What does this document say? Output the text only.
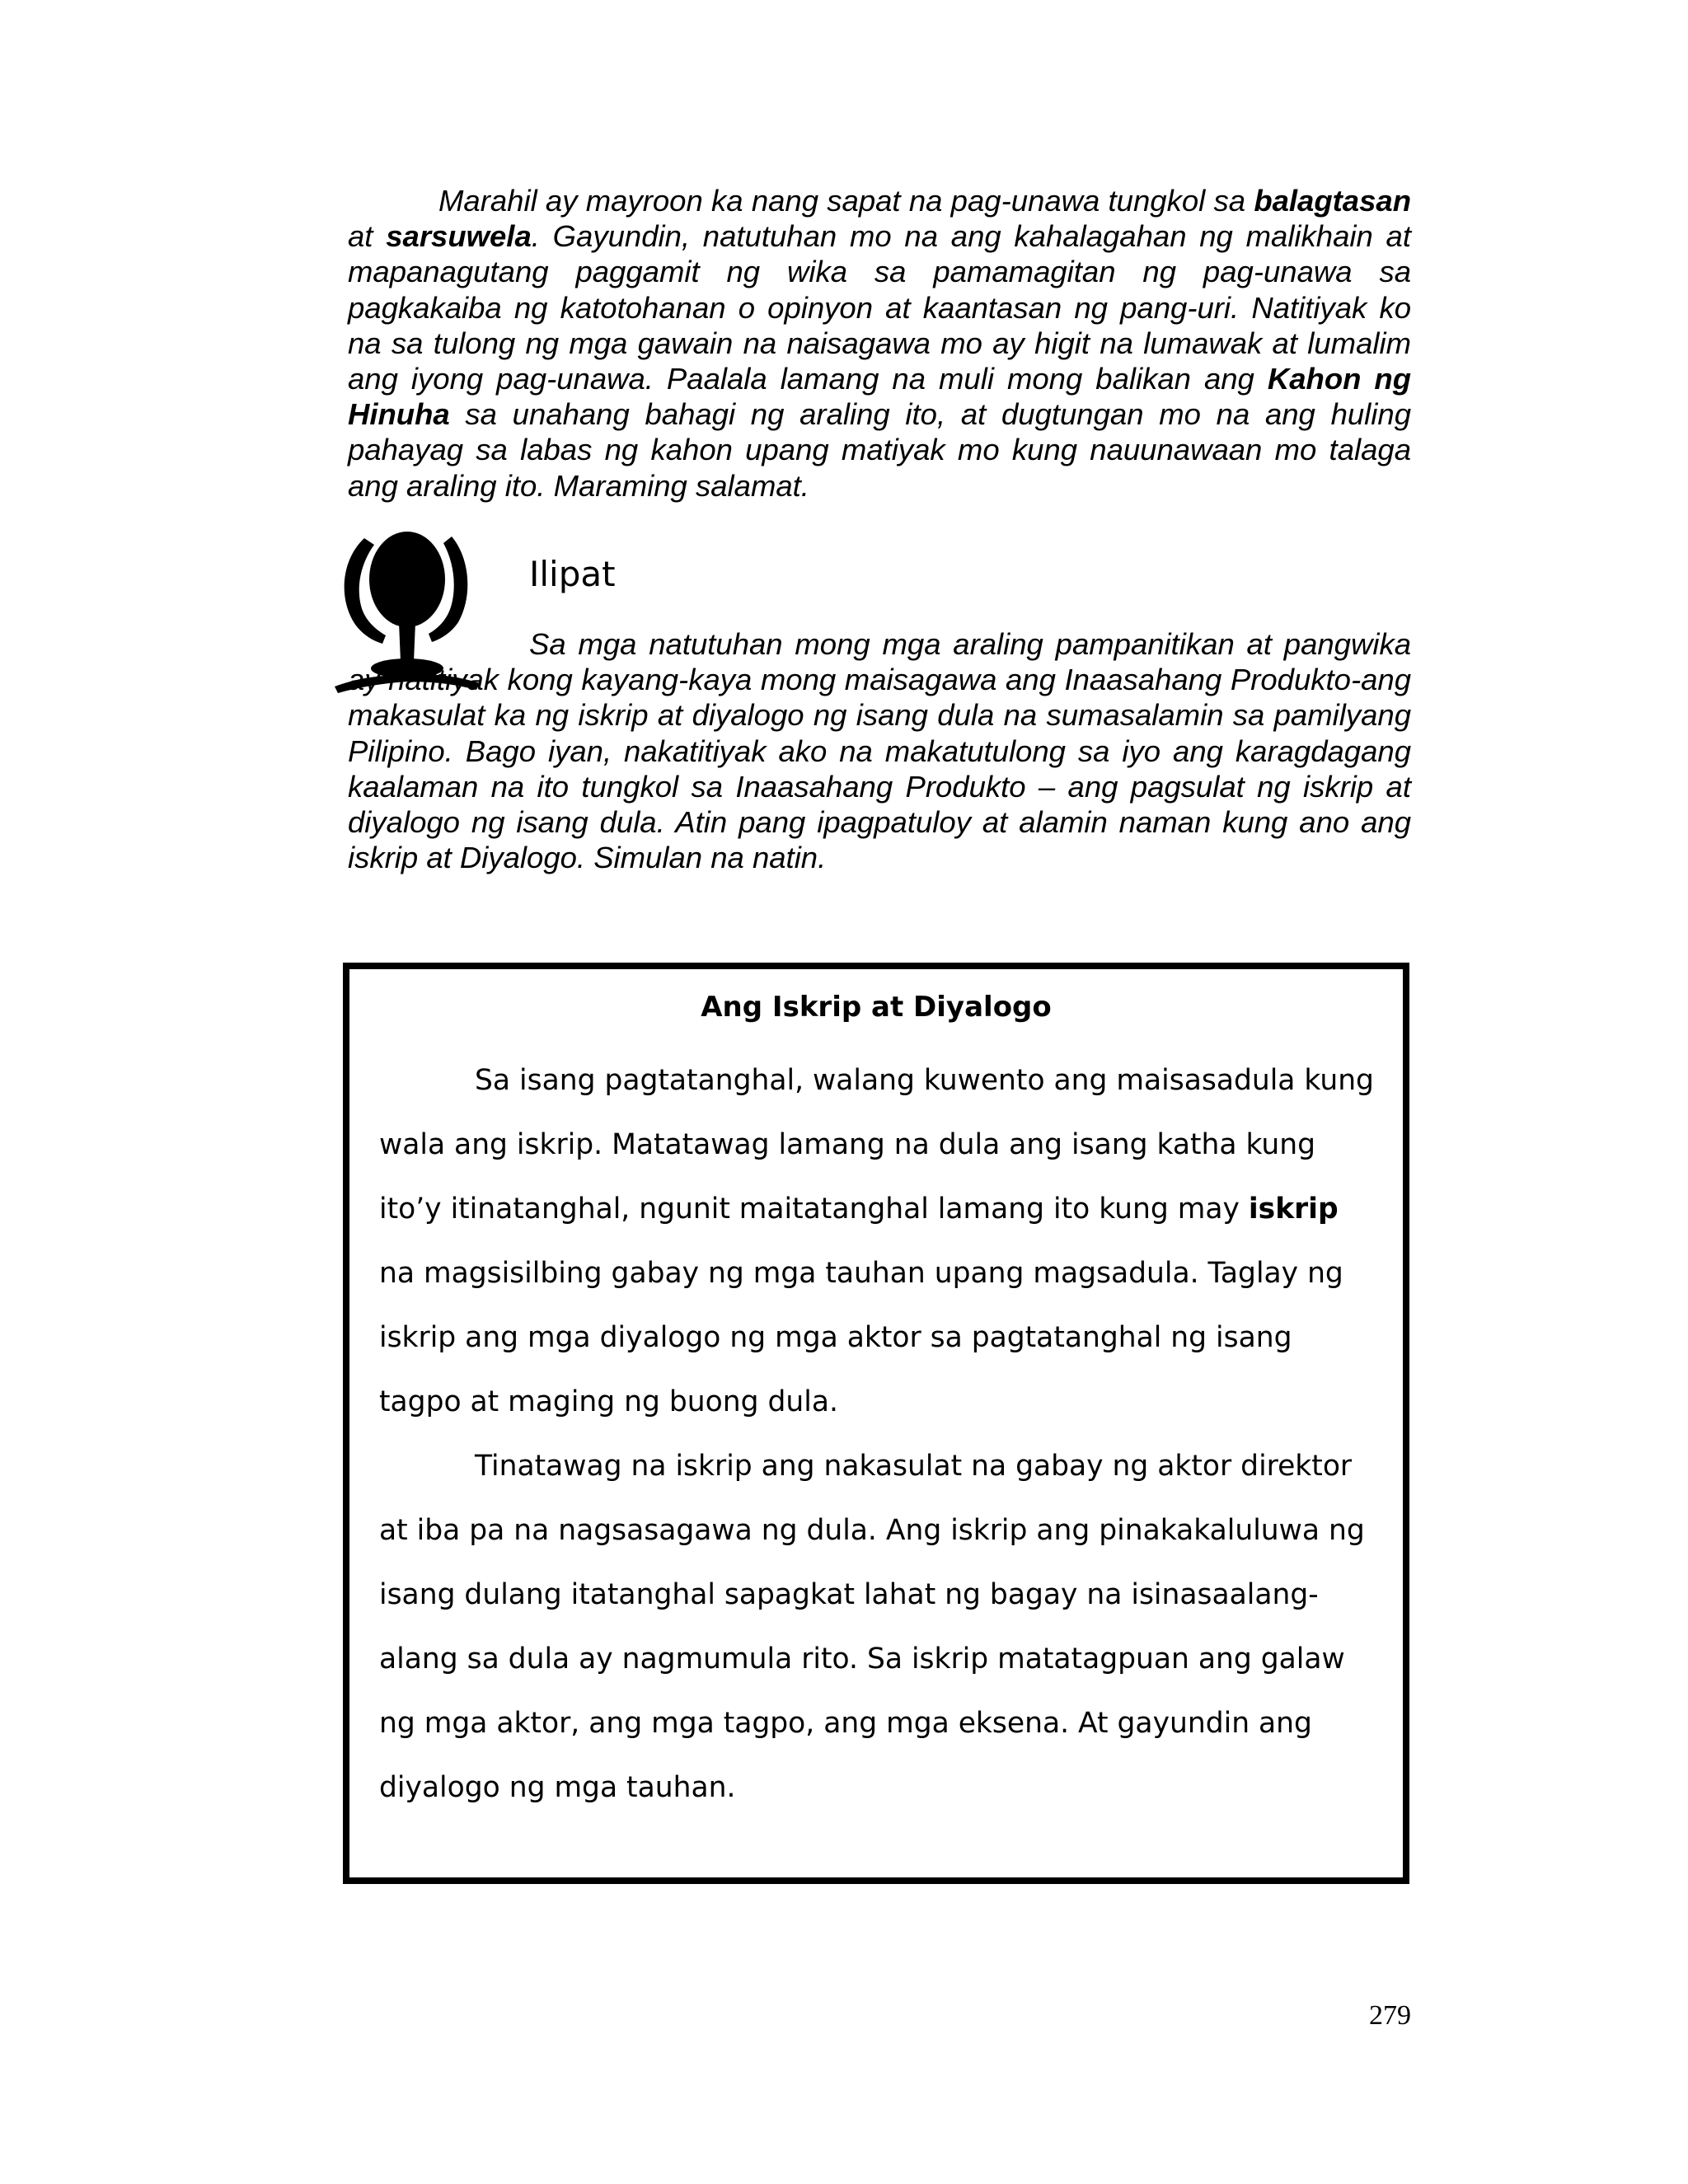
Marahil ay mayroon ka nang sapat na pag-unawa tungkol sa balagtasan at sarsuwela. Gayundin, natutuhan mo na ang kahalagahan ng malikhain at mapanagutang paggamit ng wika sa pamamagitan ng pag-unawa sa pagkakaiba ng katotohanan o opinyon at kaantasan ng pang-uri. Natitiyak ko na sa tulong ng mga gawain na naisagawa mo ay higit na lumawak at lumalim ang iyong pag-unawa. Paalala lamang na muli mong balikan ang Kahon ng Hinuha sa unahang bahagi ng araling ito, at dugtungan mo na ang huling pahayag sa labas ng kahon upang matiyak mo kung nauunawaan mo talaga ang araling ito. Maraming salamat.

Ilipat

Sa mga natutuhan mong mga araling pampanitikan at pangwika ay natitiyak kong kayang-kaya mong maisagawa ang Inaasahang Produkto-ang makasulat ka ng iskrip at diyalogo ng isang dula na sumasalamin sa pamilyang Pilipino. Bago iyan, nakatitiyak ako na makatutulong sa iyo ang karagdagang kaalaman na ito tungkol sa Inaasahang Produkto – ang pagsulat ng iskrip at diyalogo ng isang dula. Atin pang ipagpatuloy at alamin naman kung ano ang iskrip at Diyalogo. Simulan na natin.

Ang Iskrip at Diyalogo

Sa isang pagtatanghal, walang kuwento ang maisasadula kung wala ang iskrip. Matatawag lamang na dula ang isang katha kung ito’y itinatanghal, ngunit maitatanghal lamang ito kung may iskrip na magsisilbing gabay ng mga tauhan upang magsadula. Taglay ng iskrip ang mga diyalogo ng mga aktor sa pagtatanghal ng isang tagpo at maging ng buong dula.

Tinatawag na iskrip ang nakasulat na gabay ng aktor direktor at iba pa na nagsasagawa ng dula. Ang iskrip ang pinakakaluluwa ng isang dulang itatanghal sapagkat lahat ng bagay na isinasaalang-alang sa dula ay nagmumula rito. Sa iskrip matatagpuan ang galaw ng mga aktor, ang mga tagpo, ang mga eksena. At gayundin ang diyalogo ng mga tauhan.

279
